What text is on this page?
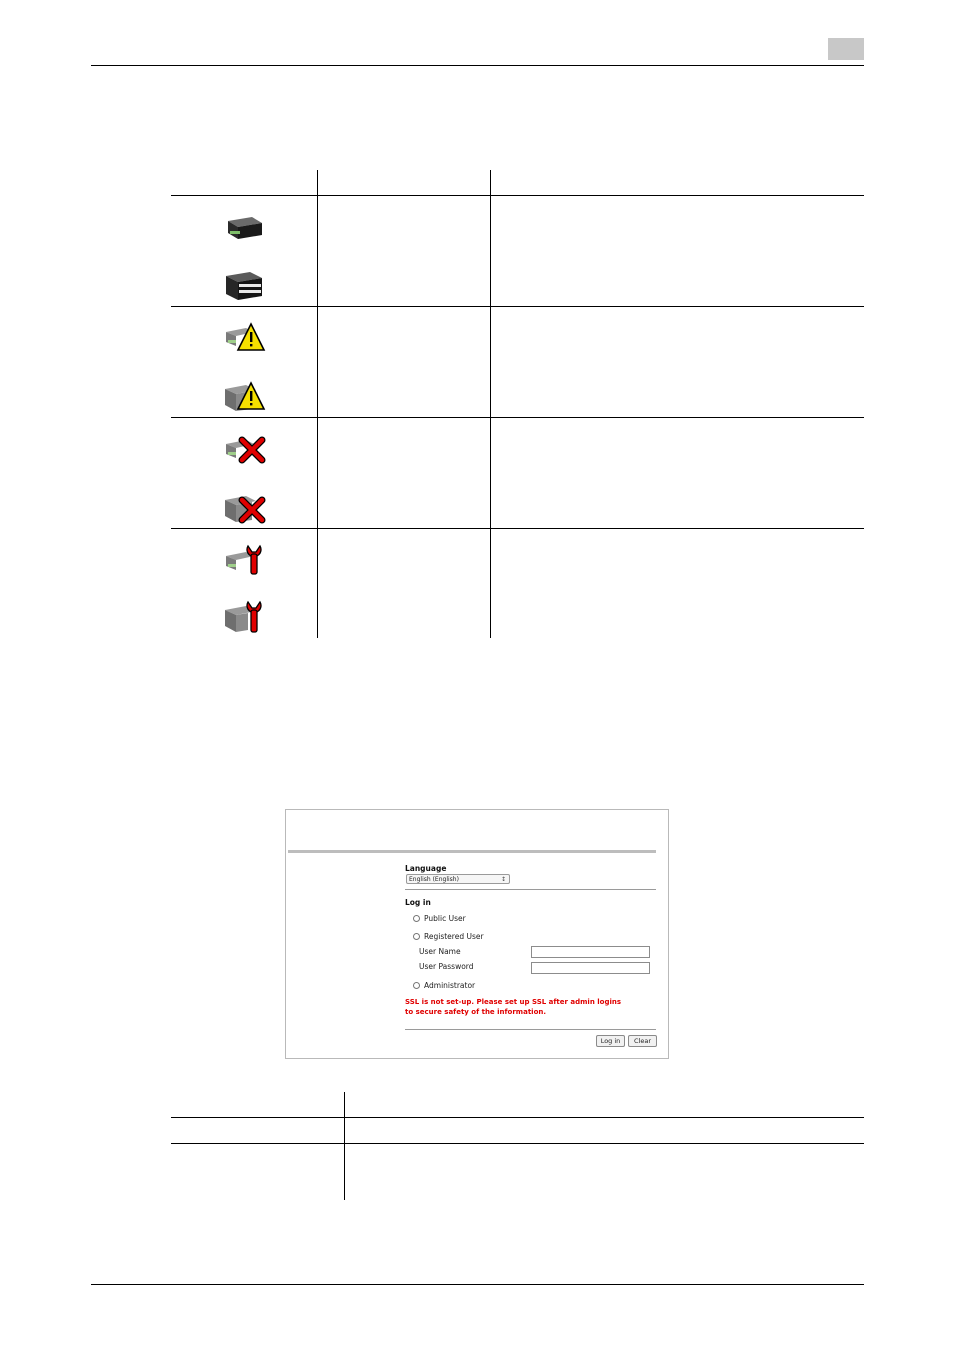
Language
English (English)	↕
Log in
Public User
Registered User
User Name
User Password
Administrator
SSL is not set-up. Please set up SSL after admin logins
to secure safety of the information.
Log in	Clear
